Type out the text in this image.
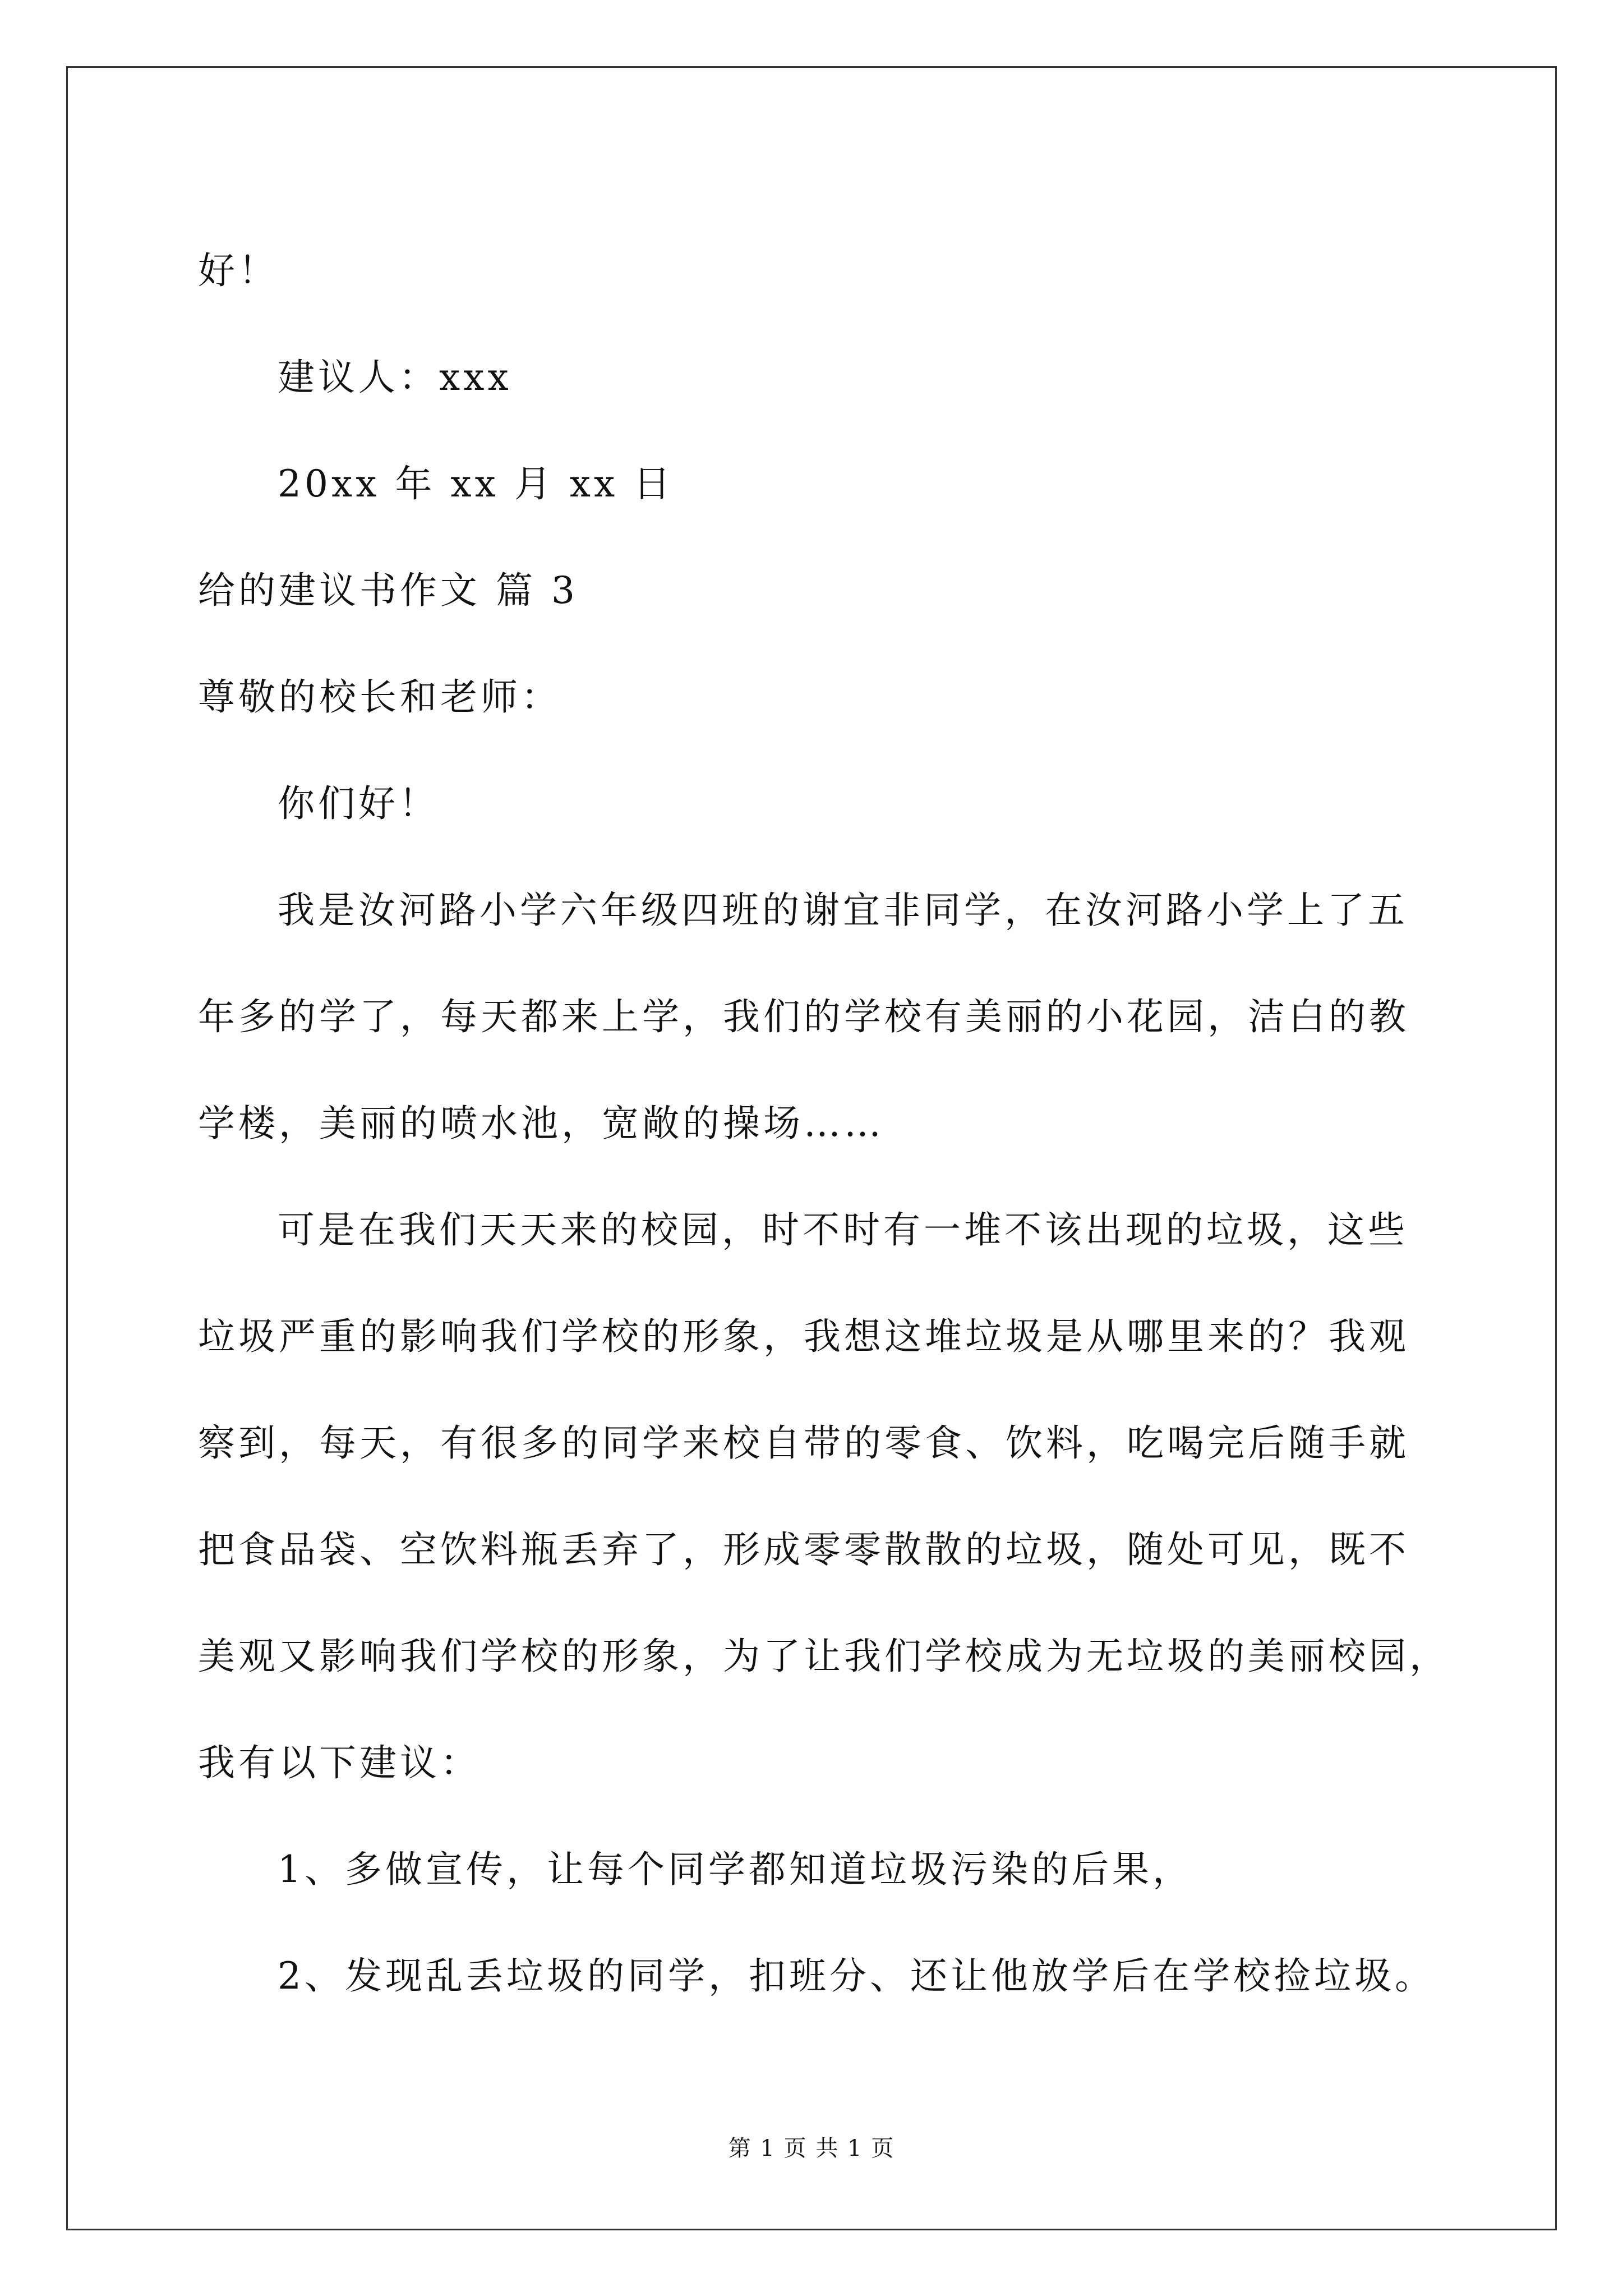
好！

建议人：xxx

20xx 年 xx 月 xx 日

给的建议书作文 篇 3

尊敬的校长和老师：

你们好！

我是汝河路小学六年级四班的谢宜非同学，在汝河路小学上了五

年多的学了，每天都来上学，我们的学校有美丽的小花园，洁白的教

学楼，美丽的喷水池，宽敞的操场……

可是在我们天天来的校园，时不时有一堆不该出现的垃圾，这些

垃圾严重的影响我们学校的形象，我想这堆垃圾是从哪里来的？我观

察到，每天，有很多的同学来校自带的零食、饮料，吃喝完后随手就

把食品袋、空饮料瓶丢弃了，形成零零散散的垃圾，随处可见，既不

美观又影响我们学校的形象，为了让我们学校成为无垃圾的美丽校园，

我有以下建议：

1、多做宣传，让每个同学都知道垃圾污染的后果，

2、发现乱丢垃圾的同学，扣班分、还让他放学后在学校捡垃圾。

第 1 页 共 1 页
